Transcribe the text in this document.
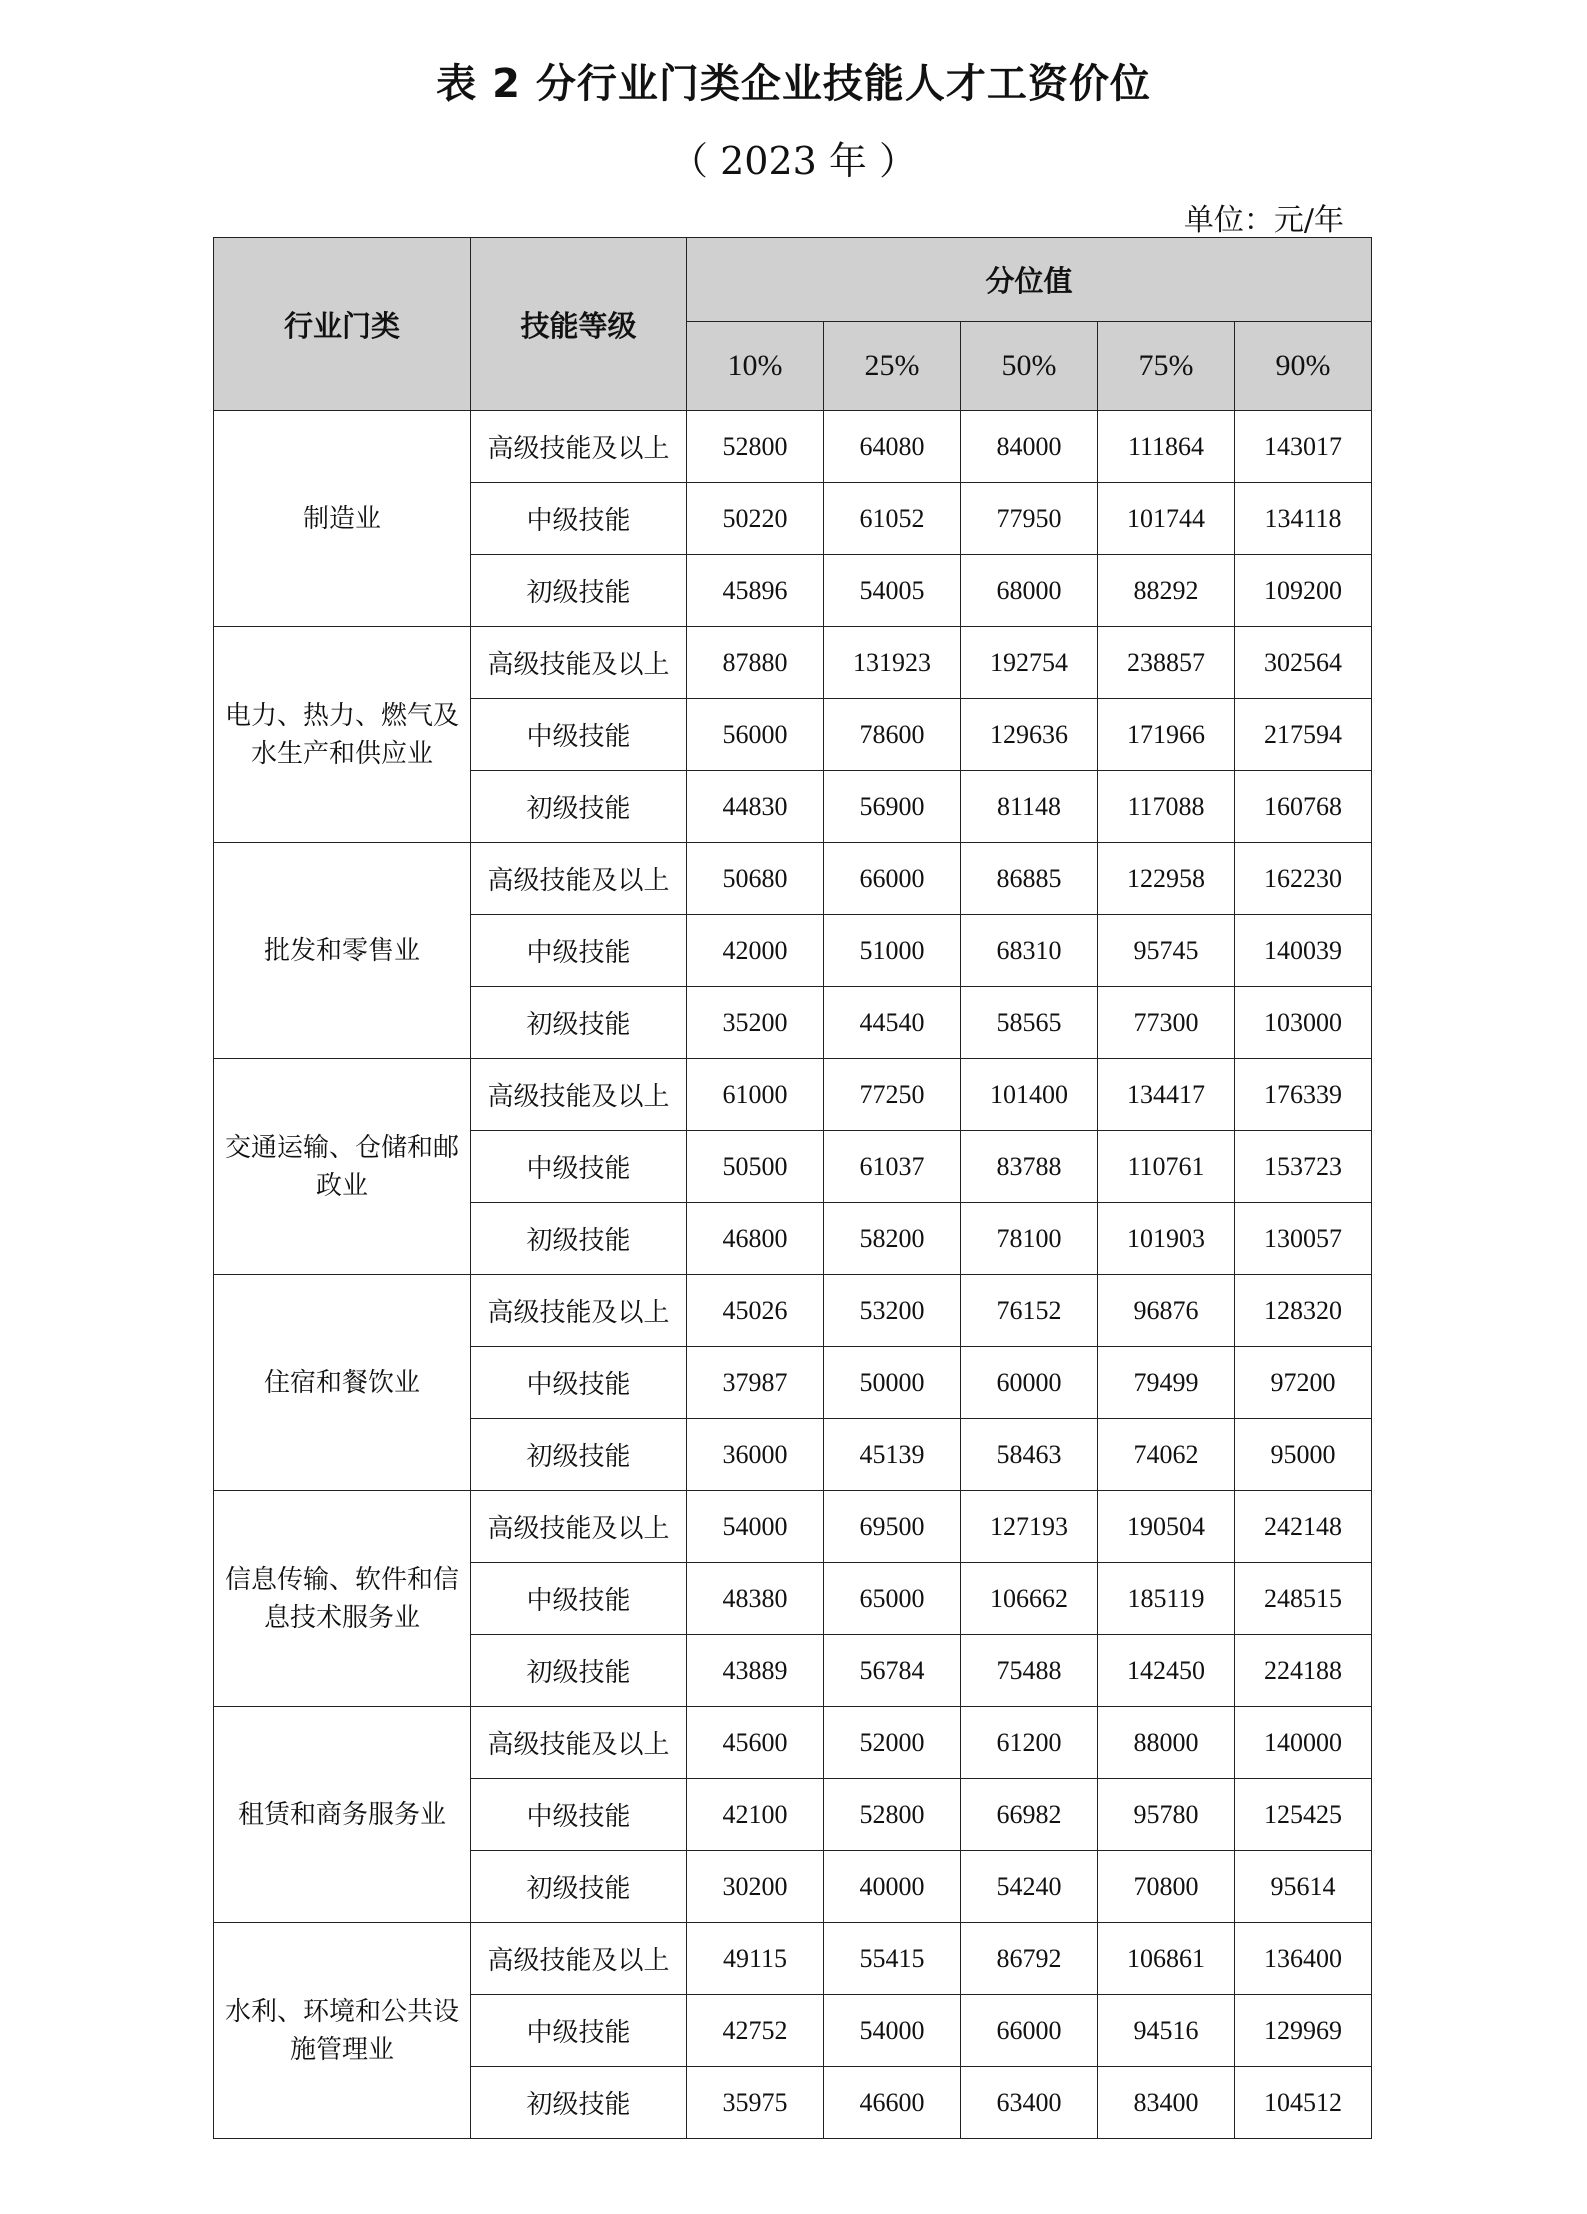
表 2 分行业门类企业技能人才工资价位
（ 2023 年 ）
单位：元/年
行业门类	技能等级	分位值				
		10%	25%	50%	75%	90%
制造业	高级技能及以上	52800	64080	84000	111864	143017
	中级技能	50220	61052	77950	101744	134118
	初级技能	45896	54005	68000	88292	109200
电力、热力、燃气及水生产和供应业	高级技能及以上	87880	131923	192754	238857	302564
	中级技能	56000	78600	129636	171966	217594
	初级技能	44830	56900	81148	117088	160768
批发和零售业	高级技能及以上	50680	66000	86885	122958	162230
	中级技能	42000	51000	68310	95745	140039
	初级技能	35200	44540	58565	77300	103000
交通运输、仓储和邮政业	高级技能及以上	61000	77250	101400	134417	176339
	中级技能	50500	61037	83788	110761	153723
	初级技能	46800	58200	78100	101903	130057
住宿和餐饮业	高级技能及以上	45026	53200	76152	96876	128320
	中级技能	37987	50000	60000	79499	97200
	初级技能	36000	45139	58463	74062	95000
信息传输、软件和信息技术服务业	高级技能及以上	54000	69500	127193	190504	242148
	中级技能	48380	65000	106662	185119	248515
	初级技能	43889	56784	75488	142450	224188
租赁和商务服务业	高级技能及以上	45600	52000	61200	88000	140000
	中级技能	42100	52800	66982	95780	125425
	初级技能	30200	40000	54240	70800	95614
水利、环境和公共设施管理业	高级技能及以上	49115	55415	86792	106861	136400
	中级技能	42752	54000	66000	94516	129969
	初级技能	35975	46600	63400	83400	104512
